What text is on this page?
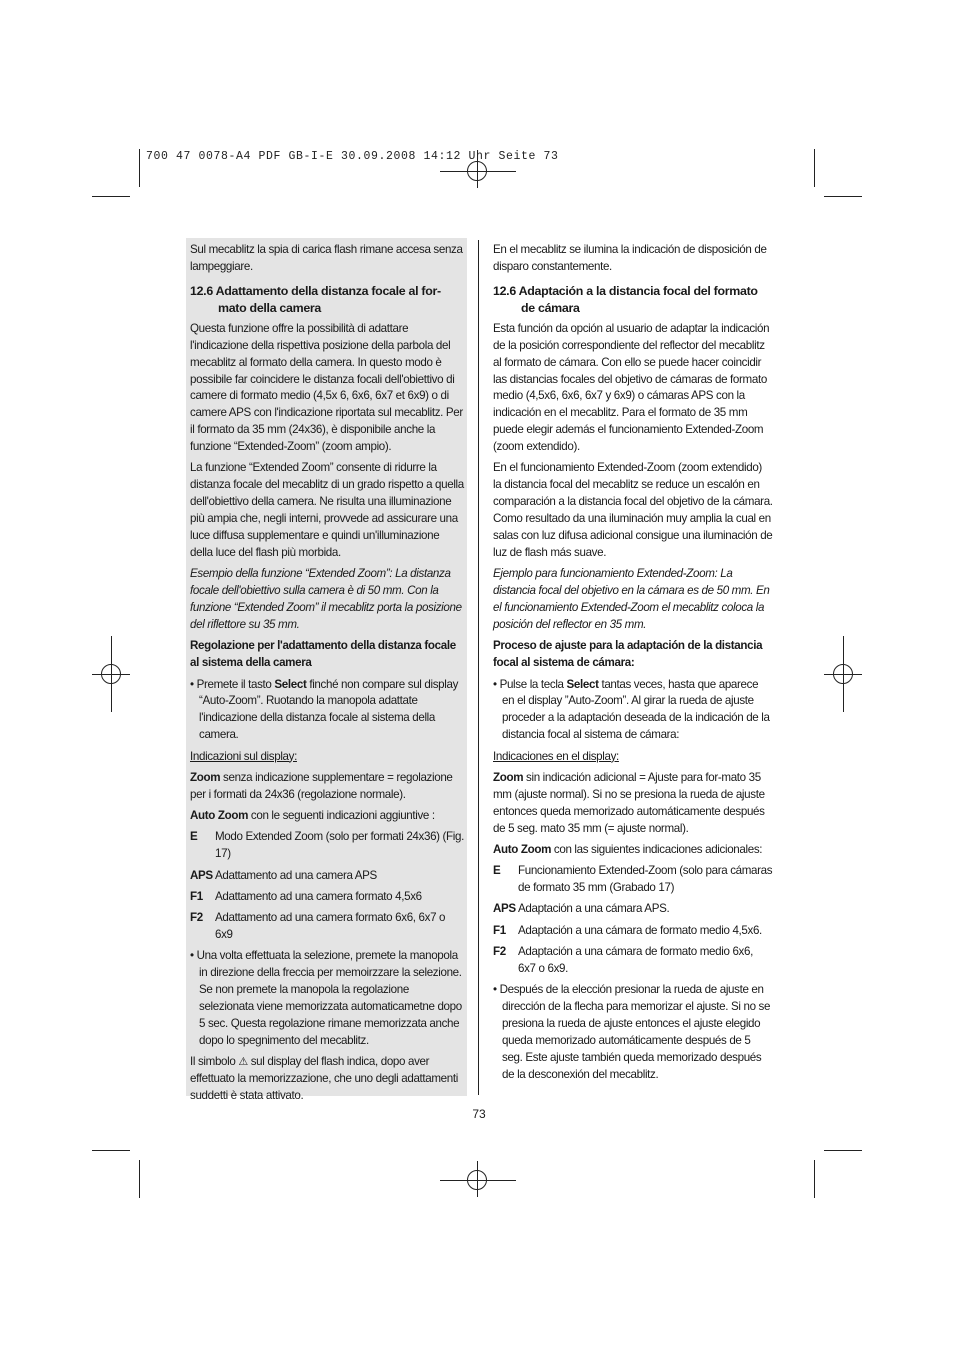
700 47 0078-A4 PDF GB-I-E 30.09.2008 14:12 Uhr Seite 73

Sul mecablitz la spia di carica flash rimane accesa senza lampeggiare.

12.6 Adattamento della distanza focale al for-
mato della camera

Questa funzione offre la possibilità di adattare l'indicazione della rispettiva posizione della parbola del mecablitz al formato della camera. In questo modo è possibile far coincidere le distanza focali dell'obiettivo di camere di formato medio (4,5x 6, 6x6, 6x7 et 6x9) o di camere APS con l'indicazione riportata sul mecablitz. Per il formato da 35 mm (24x36), è disponibile anche la funzione “Extended-Zoom” (zoom ampio).

La funzione “Extended Zoom” consente di ridurre la distanza focale del mecablitz di un grado rispetto a quella dell'obiettivo della camera. Ne risulta una illuminazione più ampia che, negli interni, provvede ad assicurare una luce diffusa supplementare e quindi un'illuminazione della luce del flash più morbida.

Esempio della funzione “Extended Zoom”: La distanza focale dell'obiettivo sulla camera è di 50 mm. Con la funzione “Extended Zoom” il mecablitz porta la posizione del riflettore su 35 mm.

Regolazione per l'adattamento della distanza focale al sistema della camera

• Premete il tasto Select finché non compare sul display “Auto-Zoom”. Ruotando la manopola adattate l'indicazione della distanza focale al sistema della camera.

Indicazioni sul display:

Zoom senza indicazione supplementare = regolazione per i formati da 24x36 (regolazione normale).

Auto Zoom con le seguenti indicazioni aggiuntive :

E	Modo Extended Zoom (solo per formati 24x36) (Fig. 17)
APS Adattamento ad una camera APS
F1	Adattamento ad una camera formato 4,5x6
F2	Adattamento ad una camera formato 6x6, 6x7 o 6x9

• Una volta effettuata la selezione, premete la manopola in direzione della freccia per memoirzzare la selezione. Se non premete la manopola la regolazione selezionata viene memorizzata automaticametne dopo 5 sec. Questa regolazione rimane memorizzata anche dopo lo spegnimento del mecablitz.

Il simbolo ⚠ sul display del flash indica, dopo aver effettuato la memorizzazione, che uno degli adattamenti suddetti è stata attivato.

En el mecablitz se ilumina la indicación de disposición de disparo constantemente.

12.6 Adaptación a la distancia focal del formato
de cámara

Esta función da opción al usuario de adaptar la indicación de la posición correspondiente del reflector del mecablitz al formato de cámara. Con ello se puede hacer coincidir las distancias focales del objetivo de cámaras de formato medio (4,5x6, 6x6, 6x7 y 6x9) o cámaras APS con la indicación en el mecablitz. Para el formato de 35 mm puede elegir además el funcionamiento Extended-Zoom (zoom extendido).

En el funcionamiento Extended-Zoom (zoom extendido) la distancia focal del mecablitz se reduce un escalón en comparación a la distancia focal del objetivo de la cámara. Como resultado da una iluminación muy amplia la cual en salas con luz difusa adicional consigue una iluminación de luz de flash más suave.

Ejemplo para funcionamiento Extended-Zoom: La distancia focal del objetivo en la cámara es de 50 mm. En el funcionamiento Extended-Zoom el mecablitz coloca la posición del reflector en 35 mm.

Proceso de ajuste para la adaptación de la distancia focal al sistema de cámara:

• Pulse la tecla Select tantas veces, hasta que aparece en el display ”Auto-Zoom”. Al girar la rueda de ajuste proceder a la adaptación deseada de la indicación de la distancia focal al sistema de cámara:

Indicaciones en el display:

Zoom sin indicación adicional = Ajuste para for-mato 35 mm (ajuste normal). Si no se presiona la rueda de ajuste entonces queda memorizado automáticamente después de 5 seg. mato 35 mm (= ajuste normal).

Auto Zoom con las siguientes indicaciones adicionales:

E	Funcionamiento Extended-Zoom (solo para cámaras de formato 35 mm (Grabado 17)
APS Adaptación a una cámara APS.
F1	Adaptación a una cámara de formato medio 4,5x6.
F2	Adaptación a una cámara de formato medio 6x6, 6x7 o 6x9.

• Después de la elección presionar la rueda de ajuste en dirección de la flecha para memorizar el ajuste. Si no se presiona la rueda de ajuste entonces el ajuste elegido queda memorizado automáticamente después de 5 seg. Este ajuste también queda memorizado después de la desconexión del mecablitz.

73
